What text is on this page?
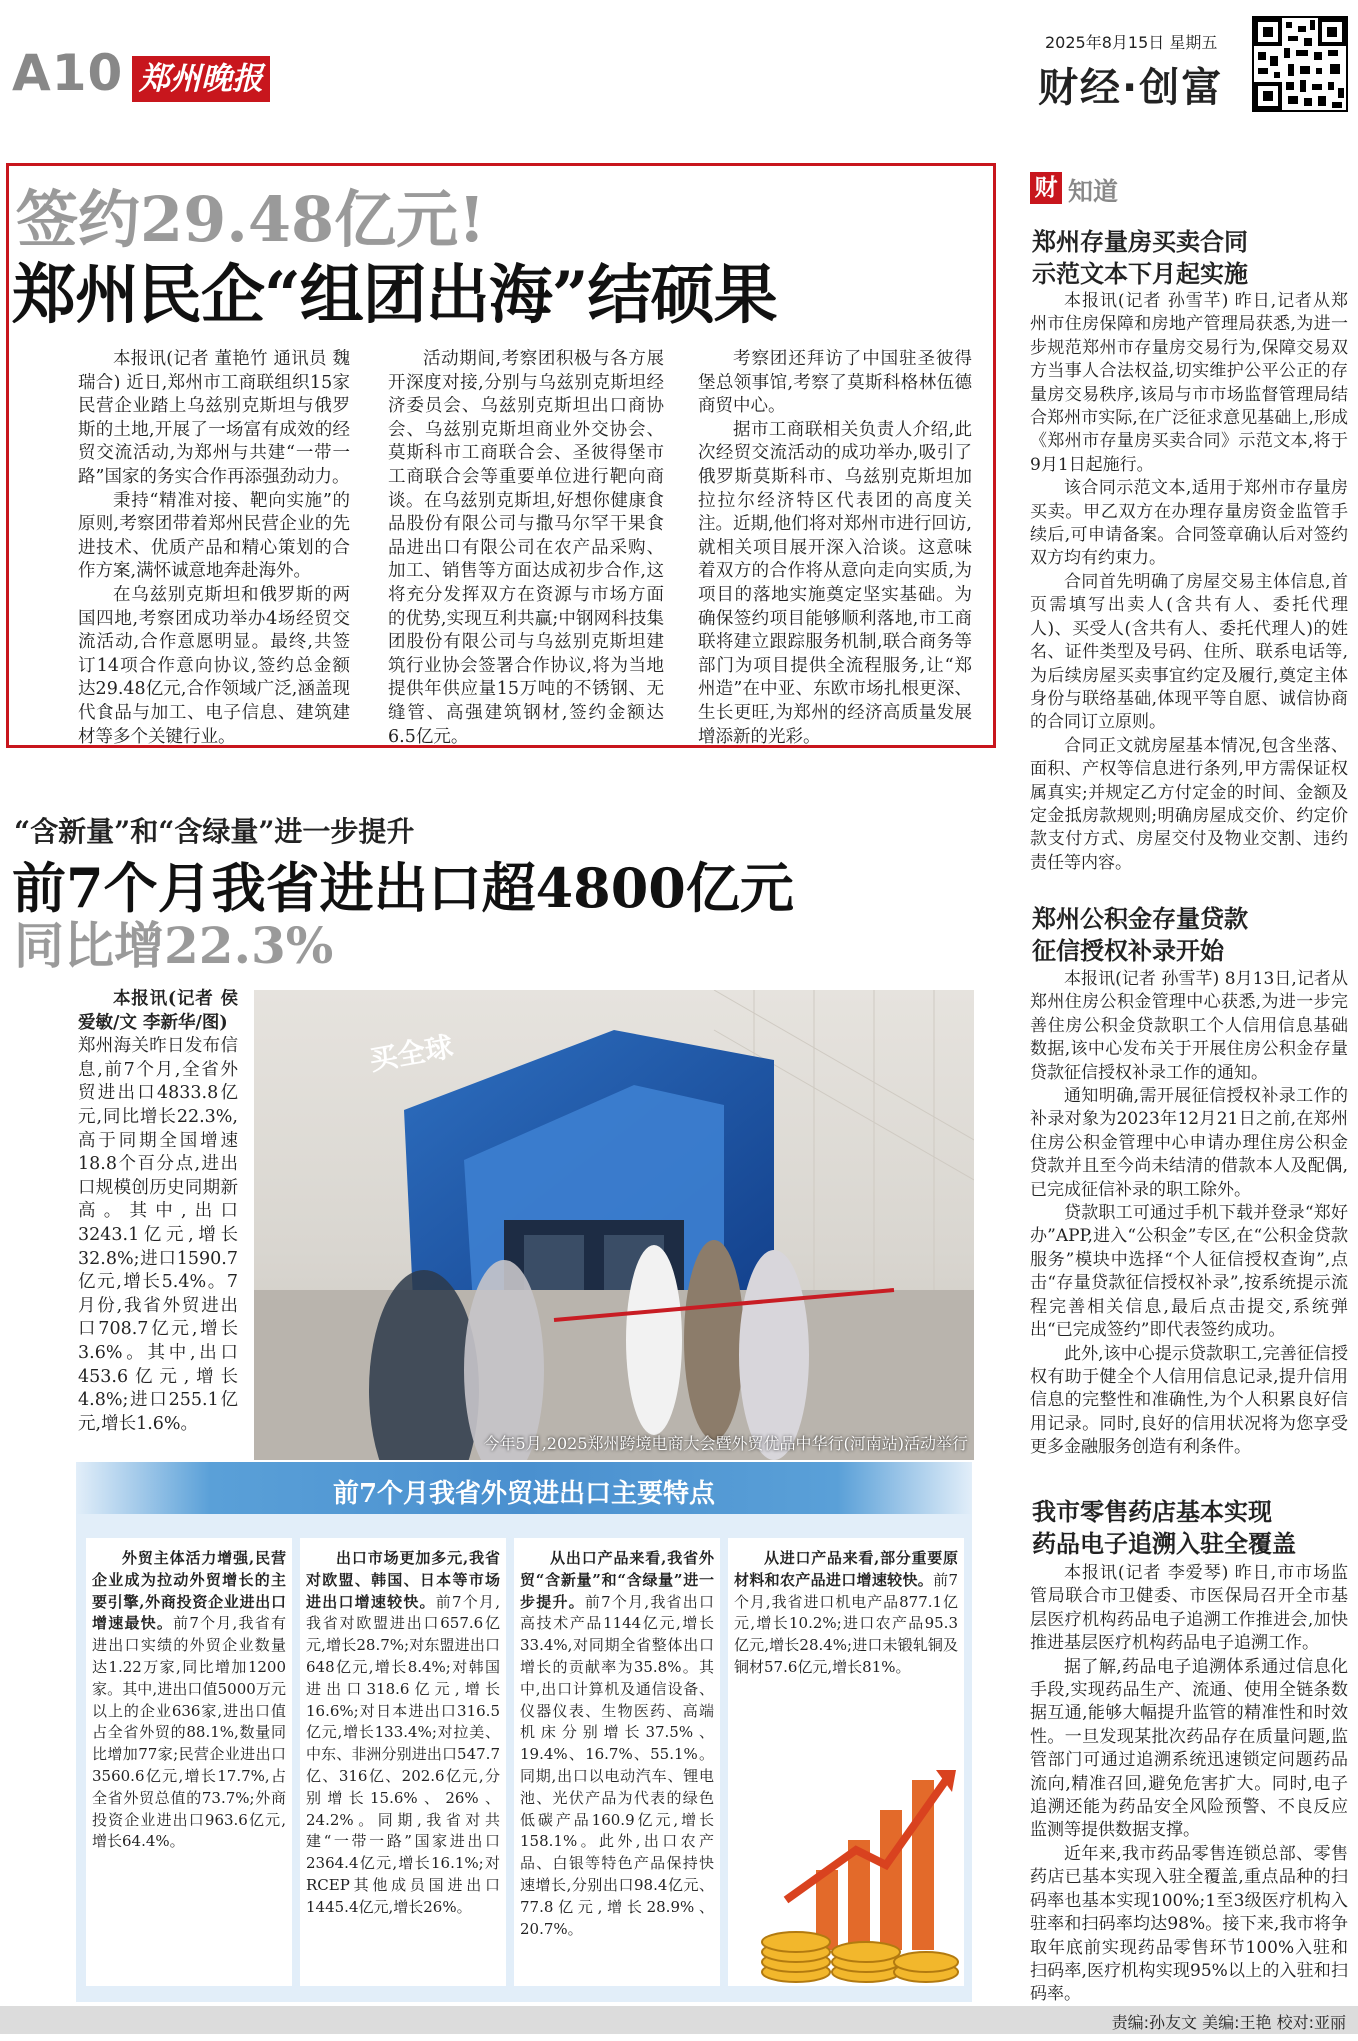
A10 郑州晚报
2025年8月15日 星期五
财经·创富
签约29.48亿元!
郑州民企“组团出海”结硕果

本报讯(记者 董艳竹 通讯员 魏瑞合) 近日,郑州市工商联组织15家民营企业踏上乌兹别克斯坦与俄罗斯的土地,开展了一场富有成效的经贸交流活动,为郑州与共建“一带一路”国家的务实合作再添强劲动力。

秉持“精准对接、靶向实施”的原则,考察团带着郑州民营企业的先进技术、优质产品和精心策划的合作方案,满怀诚意地奔赴海外。

在乌兹别克斯坦和俄罗斯的两国四地,考察团成功举办4场经贸交流活动,合作意愿明显。最终,共签订14项合作意向协议,签约总金额达29.48亿元,合作领域广泛,涵盖现代食品与加工、电子信息、建筑建材等多个关键行业。

活动期间,考察团积极与各方展开深度对接,分别与乌兹别克斯坦经济委员会、乌兹别克斯坦出口商协会、乌兹别克斯坦商业外交协会、莫斯科市工商联合会、圣彼得堡市工商联合会等重要单位进行靶向商谈。在乌兹别克斯坦,好想你健康食品股份有限公司与撒马尔罕干果食品进出口有限公司在农产品采购、加工、销售等方面达成初步合作,这将充分发挥双方在资源与市场方面的优势,实现互利共赢;中钢网科技集团股份有限公司与乌兹别克斯坦建筑行业协会签署合作协议,将为当地提供年供应量15万吨的不锈钢、无缝管、高强建筑钢材,签约金额达6.5亿元。

考察团还拜访了中国驻圣彼得堡总领事馆,考察了莫斯科格林伍德商贸中心。

据市工商联相关负责人介绍,此次经贸交流活动的成功举办,吸引了俄罗斯莫斯科市、乌兹别克斯坦加拉拉尔经济特区代表团的高度关注。近期,他们将对郑州市进行回访,就相关项目展开深入洽谈。这意味着双方的合作将从意向走向实质,为项目的落地实施奠定坚实基础。为确保签约项目能够顺利落地,市工商联将建立跟踪服务机制,联合商务等部门为项目提供全流程服务,让“郑州造”在中亚、东欧市场扎根更深、生长更旺,为郑州的经济高质量发展增添新的光彩。

“含新量”和“含绿量”进一步提升
前7个月我省进出口超4800亿元
同比增22.3%

本报讯(记者 侯爱敏/文 李新华/图)

郑州海关昨日发布信息,前7个月,全省外贸进出口4833.8亿元,同比增长22.3%,高于同期全国增速18.8个百分点,进出口规模创历史同期新高。其中,出口3243.1亿元,增长32.8%;进口1590.7亿元,增长5.4%。7月份,我省外贸进出口708.7亿元,增长3.6%。其中,出口453.6亿元,增长4.8%;进口255.1亿元,增长1.6%。

买全球
今年5月,2025郑州跨境电商大会暨外贸优品中华行(河南站)活动举行
前7个月我省外贸进出口主要特点

外贸主体活力增强,民营企业成为拉动外贸增长的主要引擎,外商投资企业进出口增速最快。前7个月,我省有进出口实绩的外贸企业数量达1.22万家,同比增加1200家。其中,进出口值5000万元以上的企业636家,进出口值占全省外贸的88.1%,数量同比增加77家;民营企业进出口3560.6亿元,增长17.7%,占全省外贸总值的73.7%;外商投资企业进出口963.6亿元,增长64.4%。

出口市场更加多元,我省对欧盟、韩国、日本等市场进出口增速较快。前7个月,我省对欧盟进出口657.6亿元,增长28.7%;对东盟进出口648亿元,增长8.4%;对韩国进出口318.6亿元,增长16.6%;对日本进出口316.5亿元,增长133.4%;对拉美、中东、非洲分别进出口547.7亿、316亿、202.6亿元,分别增长15.6%、26%、24.2%。同期,我省对共建“一带一路”国家进出口2364.4亿元,增长16.1%;对RCEP其他成员国进出口1445.4亿元,增长26%。

从出口产品来看,我省外贸“含新量”和“含绿量”进一步提升。前7个月,我省出口高技术产品1144亿元,增长33.4%,对同期全省整体出口增长的贡献率为35.8%。其中,出口计算机及通信设备、仪器仪表、生物医药、高端机床分别增长37.5%、19.4%、16.7%、55.1%。同期,出口以电动汽车、锂电池、光伏产品为代表的绿色低碳产品160.9亿元,增长158.1%。此外,出口农产品、白银等特色产品保持快速增长,分别出口98.4亿元、77.8亿元,增长28.9%、20.7%。

从进口产品来看,部分重要原材料和农产品进口增速较快。前7个月,我省进口机电产品877.1亿元,增长10.2%;进口农产品95.3亿元,增长28.4%;进口未锻轧铜及铜材57.6亿元,增长81%。

财 知道
郑州存量房买卖合同
示范文本下月起实施

本报讯(记者 孙雪芊) 昨日,记者从郑州市住房保障和房地产管理局获悉,为进一步规范郑州市存量房交易行为,保障交易双方当事人合法权益,切实维护公平公正的存量房交易秩序,该局与市市场监督管理局结合郑州市实际,在广泛征求意见基础上,形成《郑州市存量房买卖合同》示范文本,将于9月1日起施行。

该合同示范文本,适用于郑州市存量房买卖。甲乙双方在办理存量房资金监管手续后,可申请备案。合同签章确认后对签约双方均有约束力。

合同首先明确了房屋交易主体信息,首页需填写出卖人(含共有人、委托代理人)、买受人(含共有人、委托代理人)的姓名、证件类型及号码、住所、联系电话等,为后续房屋买卖事宜约定及履行,奠定主体身份与联络基础,体现平等自愿、诚信协商的合同订立原则。

合同正文就房屋基本情况,包含坐落、面积、产权等信息进行条列,甲方需保证权属真实;并规定乙方付定金的时间、金额及定金抵房款规则;明确房屋成交价、约定价款支付方式、房屋交付及物业交割、违约责任等内容。

郑州公积金存量贷款
征信授权补录开始

本报讯(记者 孙雪芊) 8月13日,记者从郑州住房公积金管理中心获悉,为进一步完善住房公积金贷款职工个人信用信息基础数据,该中心发布关于开展住房公积金存量贷款征信授权补录工作的通知。

通知明确,需开展征信授权补录工作的补录对象为2023年12月21日之前,在郑州住房公积金管理中心申请办理住房公积金贷款并且至今尚未结清的借款本人及配偶,已完成征信补录的职工除外。

贷款职工可通过手机下载并登录“郑好办”APP,进入“公积金”专区,在“公积金贷款服务”模块中选择“个人征信授权查询”,点击“存量贷款征信授权补录”,按系统提示流程完善相关信息,最后点击提交,系统弹出“已完成签约”即代表签约成功。

此外,该中心提示贷款职工,完善征信授权有助于健全个人信用信息记录,提升信用信息的完整性和准确性,为个人积累良好信用记录。同时,良好的信用状况将为您享受更多金融服务创造有利条件。

我市零售药店基本实现
药品电子追溯入驻全覆盖

本报讯(记者 李爱琴) 昨日,市市场监管局联合市卫健委、市医保局召开全市基层医疗机构药品电子追溯工作推进会,加快推进基层医疗机构药品电子追溯工作。

据了解,药品电子追溯体系通过信息化手段,实现药品生产、流通、使用全链条数据互通,能够大幅提升监管的精准性和时效性。一旦发现某批次药品存在质量问题,监管部门可通过追溯系统迅速锁定问题药品流向,精准召回,避免危害扩大。同时,电子追溯还能为药品安全风险预警、不良反应监测等提供数据支撑。

近年来,我市药品零售连锁总部、零售药店已基本实现入驻全覆盖,重点品种的扫码率也基本实现100%;1至3级医疗机构入驻率和扫码率均达98%。接下来,我市将争取年底前实现药品零售环节100%入驻和扫码率,医疗机构实现95%以上的入驻和扫码率。

责编:孙友文 美编:王艳 校对:亚丽
